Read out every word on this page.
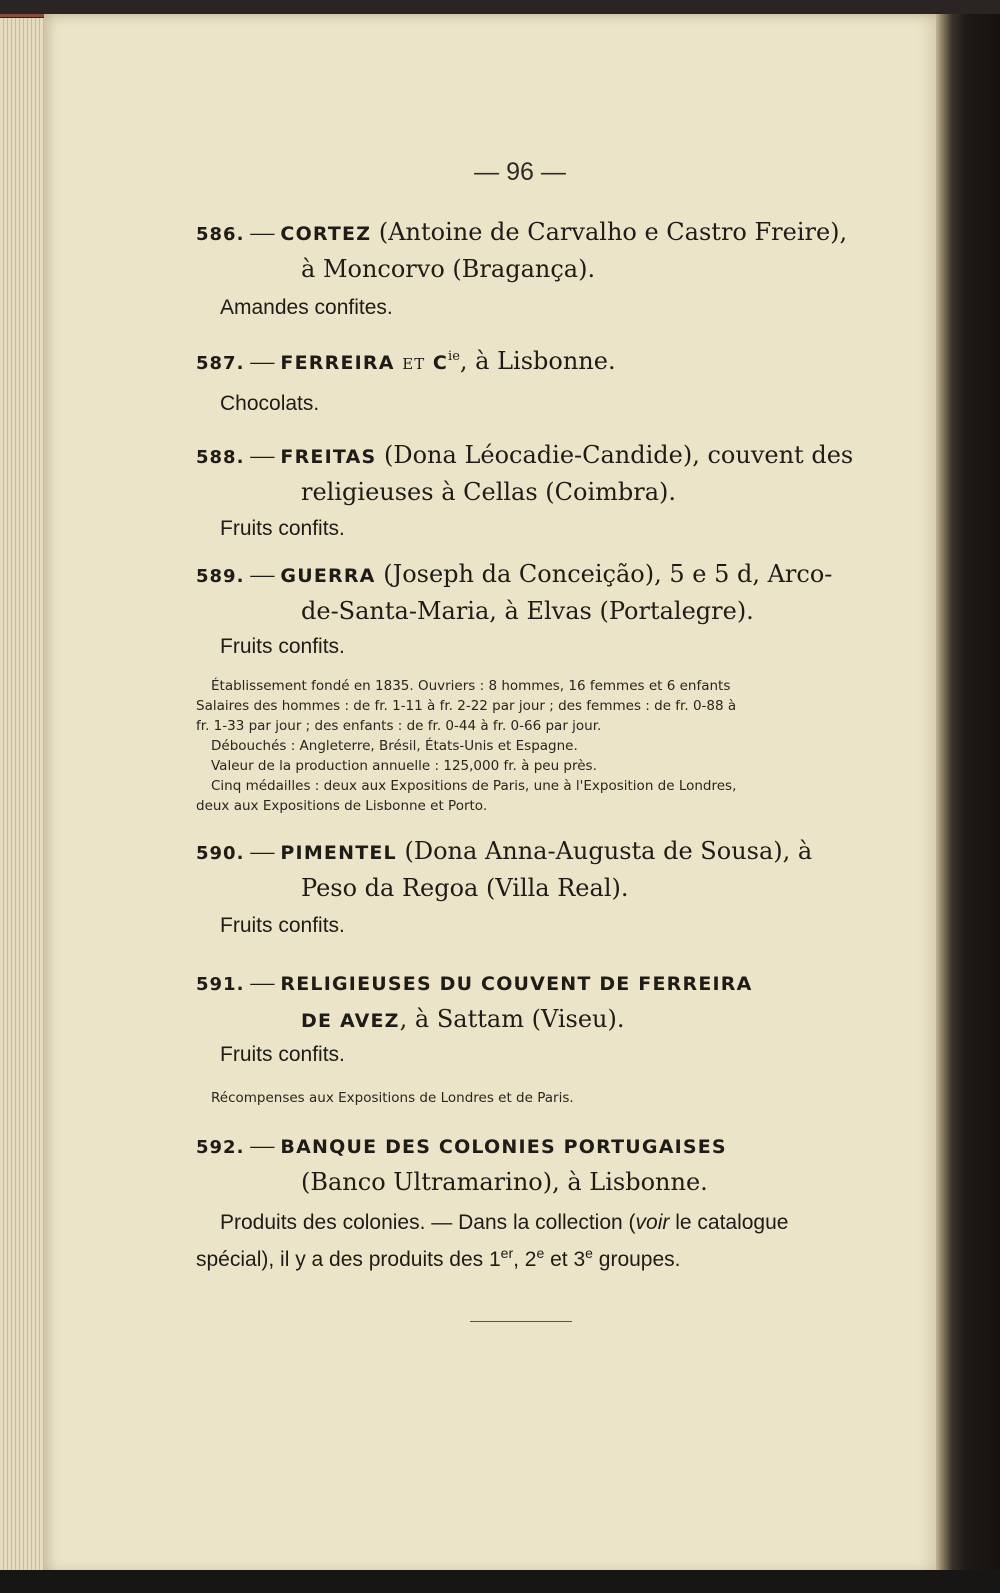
— 96 —
586. — CORTEZ (Antoine de Carvalho e Castro Freire),
à Moncorvo (Bragança).
Amandes confites.
587. — FERREIRA ET $C^{ie}$, à Lisbonne.
Chocolats.
588. — FREITAS (Dona Léocadie-Candide), couvent des
religieuses à Cellas (Coimbra).
Fruits confits.
589. — GUERRA (Joseph da Conceição), 5 e 5 d, Arco-
de-Santa-Maria, à Elvas (Portalegre).
Fruits confits.

Établissement fondé en 1835. Ouvriers : 8 hommes, 16 femmes et 6 enfants

Salaires des hommes : de fr. 1-11 à fr. 2-22 par jour ; des femmes : de fr. 0-88 à

fr. 1-33 par jour ; des enfants : de fr. 0-44 à fr. 0-66 par jour.

Débouchés : Angleterre, Brésil, États-Unis et Espagne.

Valeur de la production annuelle : 125,000 fr. à peu près.

Cinq médailles : deux aux Expositions de Paris, une à l'Exposition de Londres,

deux aux Expositions de Lisbonne et Porto.

590. — PIMENTEL (Dona Anna-Augusta de Sousa), à
Peso da Regoa (Villa Real).
Fruits confits.
591. — RELIGIEUSES DU COUVENT DE FERREIRA
DE AVEZ, à Sattam (Viseu).
Fruits confits.

Récompenses aux Expositions de Londres et de Paris.

592. — BANQUE DES COLONIES PORTUGAISES
(Banco Ultramarino), à Lisbonne.

Produits des colonies. — Dans la collection (voir le catalogue

spécial), il y a des produits des 1er, 2e et 3e groupes.
